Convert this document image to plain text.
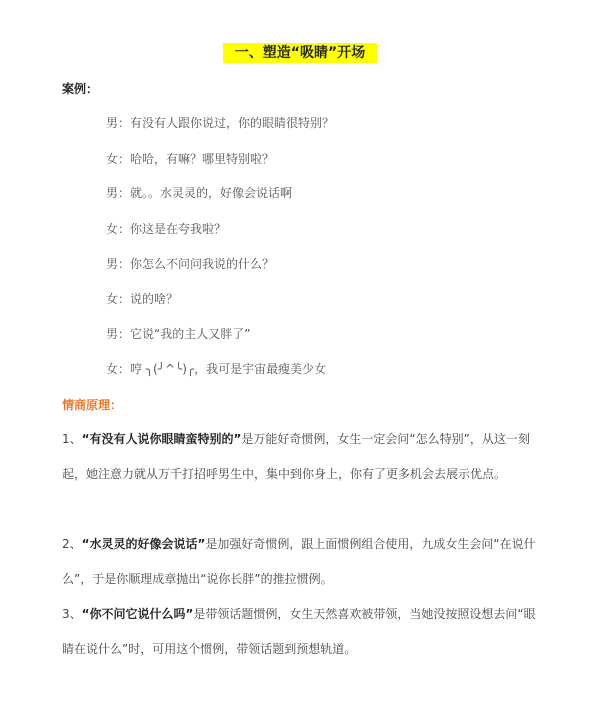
一、塑造“吸睛”开场
案例：
男：有没有人跟你说过，你的眼睛很特别？
女：哈哈，有嘛？哪里特别啦？
男：就。。水灵灵的，好像会说话啊
女：你这是在夸我啦？
男：你怎么不问问我说的什么？
女：说的啥？
男：它说“我的主人又胖了”
女：哼 ╮(╯^╰)╭，我可是宇宙最瘦美少女
情商原理：
1、“有没有人说你眼睛蛮特别的”是万能好奇惯例，女生一定会问“怎么特别”，从这一刻起，她注意力就从万千打招呼男生中，集中到你身上，你有了更多机会去展示优点。
2、“水灵灵的好像会说话”是加强好奇惯例，跟上面惯例组合使用，九成女生会问“在说什么”，于是你顺理成章抛出“说你长胖”的推拉惯例。
3、“你不问它说什么吗”是带领话题惯例，女生天然喜欢被带领，当她没按照设想去问“眼睛在说什么”时，可用这个惯例，带领话题到预想轨道。
